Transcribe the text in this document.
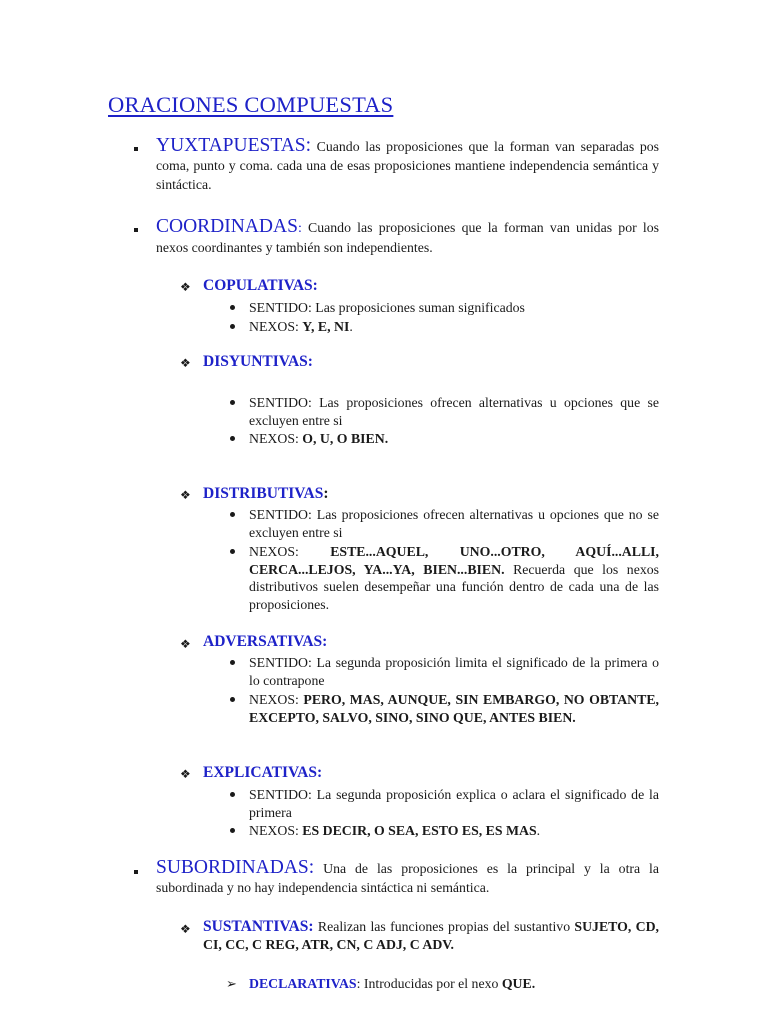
ORACIONES COMPUESTAS
YUXTAPUESTAS: Cuando las proposiciones que la forman van separadas pos coma, punto y coma. cada una de esas proposiciones mantiene independencia semántica y sintáctica.
COORDINADAS: Cuando las proposiciones que la forman van unidas por los nexos coordinantes y también son independientes.
❖ COPULATIVAS:
SENTIDO: Las proposiciones suman significados
NEXOS: Y, E, NI.
❖ DISYUNTIVAS:
SENTIDO: Las proposiciones ofrecen alternativas u opciones que se excluyen entre si
NEXOS: O, U, O BIEN.
❖ DISTRIBUTIVAS:
SENTIDO: Las proposiciones ofrecen alternativas u opciones que no se excluyen entre si
NEXOS: ESTE...AQUEL, UNO...OTRO, AQUÍ...ALLI, CERCA...LEJOS, YA...YA, BIEN...BIEN. Recuerda que los nexos distributivos suelen desempeñar una función dentro de cada una de las proposiciones.
❖ ADVERSATIVAS:
SENTIDO: La segunda proposición limita el significado de la primera o lo contrapone
NEXOS: PERO, MAS, AUNQUE, SIN EMBARGO, NO OBTANTE, EXCEPTO, SALVO, SINO, SINO QUE, ANTES BIEN.
❖ EXPLICATIVAS:
SENTIDO: La segunda proposición explica o aclara el significado de la primera
NEXOS: ES DECIR, O SEA, ESTO ES, ES MAS.
SUBORDINADAS: Una de las proposiciones es la principal y la otra la subordinada y no hay independencia sintáctica ni semántica.
❖ SUSTANTIVAS: Realizan las funciones propias del sustantivo SUJETO, CD, CI, CC, C REG, ATR, CN, C ADJ, C ADV.
➢ DECLARATIVAS: Introducidas por el nexo QUE.
